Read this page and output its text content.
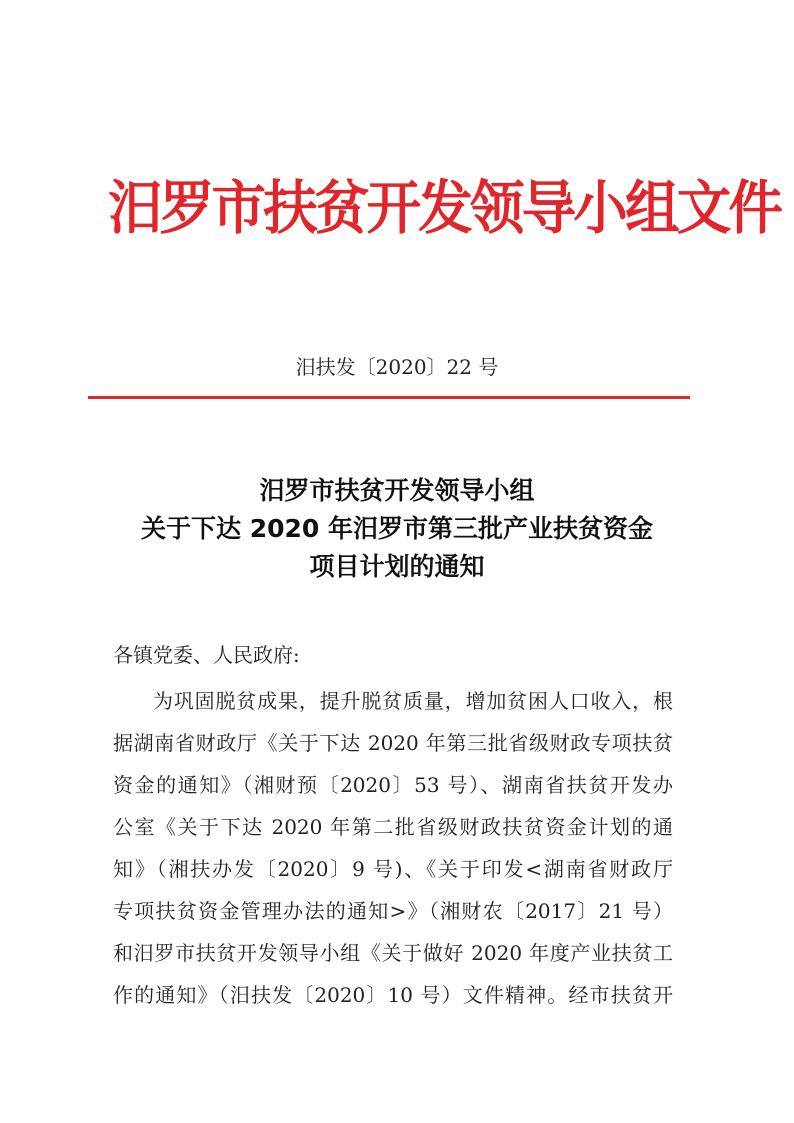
汨罗市扶贫开发领导小组文件
汨扶发〔2020〕22 号
汨罗市扶贫开发领导小组
关于下达 2020 年汨罗市第三批产业扶贫资金
项目计划的通知
各镇党委、人民政府:
为巩固脱贫成果，提升脱贫质量，增加贫困人口收入，根
据湖南省财政厅《关于下达 2020 年第三批省级财政专项扶贫
资金的通知》（湘财预〔2020〕53 号）、湖南省扶贫开发办
公室《关于下达 2020 年第二批省级财政扶贫资金计划的通
知》（湘扶办发〔2020〕9 号)、《关于印发<湖南省财政厅
专项扶贫资金管理办法的通知>》（湘财农〔2017〕21 号）
和汨罗市扶贫开发领导小组《关于做好 2020 年度产业扶贫工
作的通知》（汨扶发〔2020〕10 号）文件精神。经市扶贫开
